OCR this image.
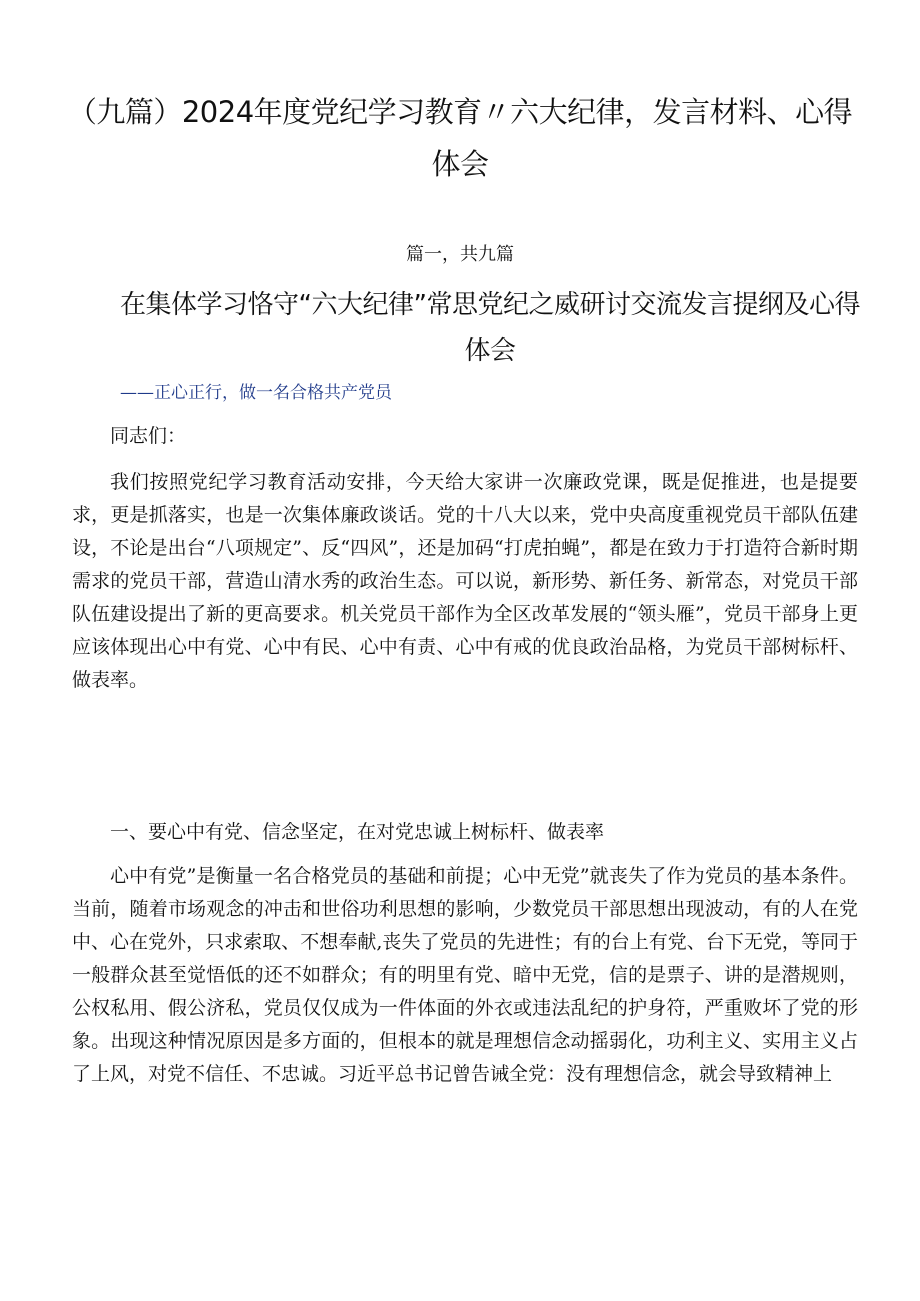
（九篇）2024年度党纪学习教育〃六大纪律，发言材料、心得体会
篇一，共九篇
在集体学习恪守“六大纪律”常思党纪之威研讨交流发言提纲及心得体会
——正心正行，做一名合格共产党员

同志们：

我们按照党纪学习教育活动安排，今天给大家讲一次廉政党课，既是促推进，也是提要求，更是抓落实，也是一次集体廉政谈话。党的十八大以来，党中央高度重视党员干部队伍建设，不论是出台“八项规定”、反“四风”，还是加码“打虎拍蝇”，都是在致力于打造符合新时期需求的党员干部，营造山清水秀的政治生态。可以说，新形势、新任务、新常态，对党员干部队伍建设提出了新的更高要求。机关党员干部作为全区改革发展的“领头雁”，党员干部身上更应该体现出心中有党、心中有民、心中有责、心中有戒的优良政治品格，为党员干部树标杆、做表率。

一、要心中有党、信念坚定，在对党忠诚上树标杆、做表率

心中有党”是衡量一名合格党员的基础和前提；心中无党”就丧失了作为党员的基本条件。当前，随着市场观念的冲击和世俗功利思想的影响，少数党员干部思想出现波动，有的人在党中、心在党外，只求索取、不想奉献,丧失了党员的先进性；有的台上有党、台下无党，等同于一般群众甚至觉悟低的还不如群众；有的明里有党、暗中无党，信的是票子、讲的是潜规则，公权私用、假公济私，党员仅仅成为一件体面的外衣或违法乱纪的护身符，严重败坏了党的形象。出现这种情况原因是多方面的，但根本的就是理想信念动摇弱化，功利主义、实用主义占了上风，对党不信任、不忠诚。习近平总书记曾告诫全党：没有理想信念，就会导致精神上
